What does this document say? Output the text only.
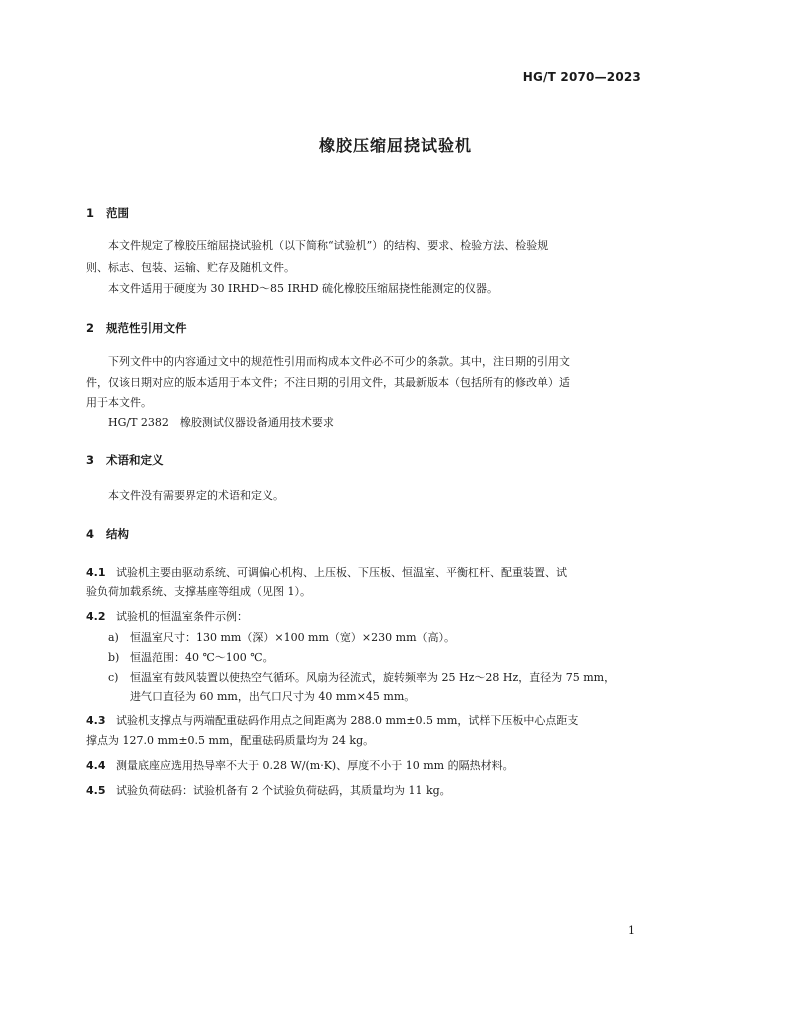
HG/T 2070—2023
橡胶压缩屈挠试验机
1 范围
本文件规定了橡胶压缩屈挠试验机（以下简称“试验机”）的结构、要求、检验方法、检验规
则、标志、包装、运输、贮存及随机文件。
本文件适用于硬度为 30 IRHD～85 IRHD 硫化橡胶压缩屈挠性能测定的仪器。
2 规范性引用文件
下列文件中的内容通过文中的规范性引用而构成本文件必不可少的条款。其中，注日期的引用文
件，仅该日期对应的版本适用于本文件；不注日期的引用文件，其最新版本（包括所有的修改单）适
用于本文件。
HG/T 2382　橡胶测试仪器设备通用技术要求
3 术语和定义
本文件没有需要界定的术语和定义。
4 结构
4.1 试验机主要由驱动系统、可调偏心机构、上压板、下压板、恒温室、平衡杠杆、配重装置、试
验负荷加载系统、支撑基座等组成（见图 1）。
4.2 试验机的恒温室条件示例：
a) 恒温室尺寸：130 mm（深）×100 mm（宽）×230 mm（高）。
b) 恒温范围：40 ℃～100 ℃。
c) 恒温室有鼓风装置以使热空气循环。风扇为径流式，旋转频率为 25 Hz～28 Hz，直径为 75 mm，
进气口直径为 60 mm，出气口尺寸为 40 mm×45 mm。
4.3 试验机支撑点与两端配重砝码作用点之间距离为 288.0 mm±0.5 mm，试样下压板中心点距支
撑点为 127.0 mm±0.5 mm，配重砝码质量均为 24 kg。
4.4 测量底座应选用热导率不大于 0.28 W/(m·K)、厚度不小于 10 mm 的隔热材料。
4.5 试验负荷砝码：试验机备有 2 个试验负荷砝码，其质量均为 11 kg。
1
